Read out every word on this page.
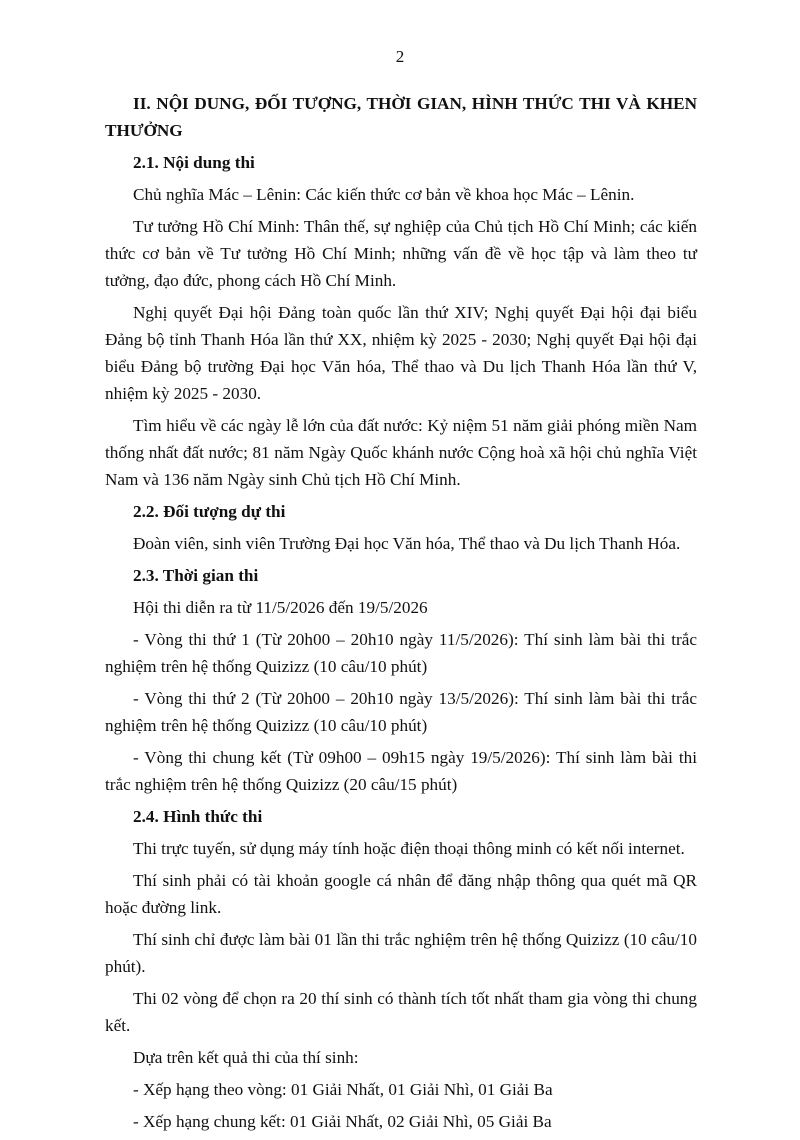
2

II. NỘI DUNG, ĐỐI TƯỢNG, THỜI GIAN, HÌNH THỨC THI VÀ KHEN THƯỞNG

2.1. Nội dung thi

Chủ nghĩa Mác – Lênin: Các kiến thức cơ bản về khoa học Mác – Lênin.

Tư tưởng Hồ Chí Minh: Thân thế, sự nghiệp của Chủ tịch Hồ Chí Minh; các kiến thức cơ bản về Tư tưởng Hồ Chí Minh; những vấn đề về học tập và làm theo tư tưởng, đạo đức, phong cách Hồ Chí Minh.

Nghị quyết Đại hội Đảng toàn quốc lần thứ XIV; Nghị quyết Đại hội đại biểu Đảng bộ tỉnh Thanh Hóa lần thứ XX, nhiệm kỳ 2025 - 2030; Nghị quyết Đại hội đại biểu Đảng bộ trường Đại học Văn hóa, Thể thao và Du lịch Thanh Hóa lần thứ V, nhiệm kỳ 2025 - 2030.

Tìm hiểu về các ngày lễ lớn của đất nước: Kỷ niệm 51 năm giải phóng miền Nam thống nhất đất nước; 81 năm Ngày Quốc khánh nước Cộng hoà xã hội chủ nghĩa Việt Nam và 136 năm Ngày sinh Chủ tịch Hồ Chí Minh.

2.2. Đối tượng dự thi

Đoàn viên, sinh viên Trường Đại học Văn hóa, Thể thao và Du lịch Thanh Hóa.

2.3. Thời gian thi

Hội thi diễn ra từ 11/5/2026 đến 19/5/2026

- Vòng thi thứ 1 (Từ 20h00 – 20h10 ngày 11/5/2026): Thí sinh làm bài thi trắc nghiệm trên hệ thống Quizizz (10 câu/10 phút)

- Vòng thi thứ 2 (Từ 20h00 – 20h10 ngày 13/5/2026): Thí sinh làm bài thi trắc nghiệm trên hệ thống Quizizz (10 câu/10 phút)

- Vòng thi chung kết (Từ 09h00 – 09h15 ngày 19/5/2026): Thí sinh làm bài thi trắc nghiệm trên hệ thống Quizizz (20 câu/15 phút)

2.4. Hình thức thi

Thi trực tuyến, sử dụng máy tính hoặc điện thoại thông minh có kết nối internet.

Thí sinh phải có tài khoản google cá nhân để đăng nhập thông qua quét mã QR hoặc đường link.

Thí sinh chỉ được làm bài 01 lần thi trắc nghiệm trên hệ thống Quizizz (10 câu/10 phút).

Thi 02 vòng để chọn ra 20 thí sinh có thành tích tốt nhất tham gia vòng thi chung kết.

Dựa trên kết quả thi của thí sinh:

- Xếp hạng theo vòng: 01 Giải Nhất, 01 Giải Nhì, 01 Giải Ba

- Xếp hạng chung kết: 01 Giải Nhất, 02 Giải Nhì, 05 Giải Ba
